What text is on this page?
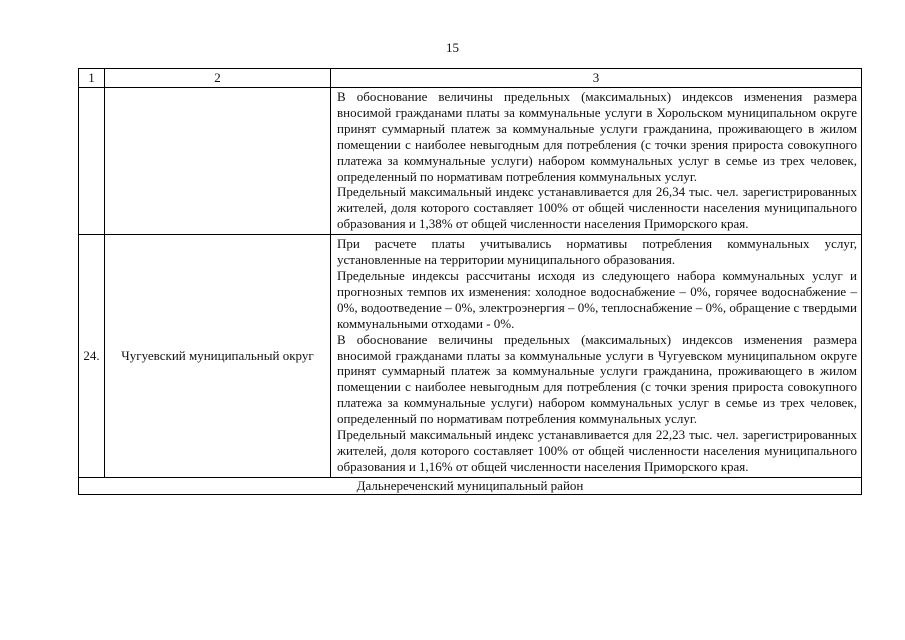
15
1	2	3

		В обоснование величины предельных (максимальных) индексов изменения размера вносимой гражданами платы за коммунальные услуги в Хорольском муниципальном округе принят суммарный платеж за коммунальные услуги гражданина, проживающего в жилом помещении с наиболее невыгодным для потребления (с точки зрения прироста совокупного платежа за коммунальные услуги) набором коммунальных услуг в семье из трех человек, определенный по нормативам потребления коммунальных услуг.

Предельный максимальный индекс устанавливается для 26,34 тыс. чел. зарегистрированных жителей, доля которого составляет 100% от общей численности населения муниципального образования и 1,38% от общей численности населения Приморского края.

24.	Чугуевский муниципальный округ	При расчете платы учитывались нормативы потребления коммунальных услуг, установленные на территории муниципального образования.

Предельные индексы рассчитаны исходя из следующего набора коммунальных услуг и прогнозных темпов их изменения: холодное водоснабжение – 0%, горячее водоснабжение – 0%, водоотведение – 0%, электроэнергия – 0%, теплоснабжение – 0%, обращение с твердыми коммунальными отходами - 0%.

В обоснование величины предельных (максимальных) индексов изменения размера вносимой гражданами платы за коммунальные услуги в Чугуевском муниципальном округе принят суммарный платеж за коммунальные услуги гражданина, проживающего в жилом помещении с наиболее невыгодным для потребления (с точки зрения прироста совокупного платежа за коммунальные услуги) набором коммунальных услуг в семье из трех человек, определенный по нормативам потребления коммунальных услуг.

Предельный максимальный индекс устанавливается для 22,23 тыс. чел. зарегистрированных жителей, доля которого составляет 100% от общей численности населения муниципального образования и 1,16% от общей численности населения Приморского края.

Дальнереченский муниципальный район		
